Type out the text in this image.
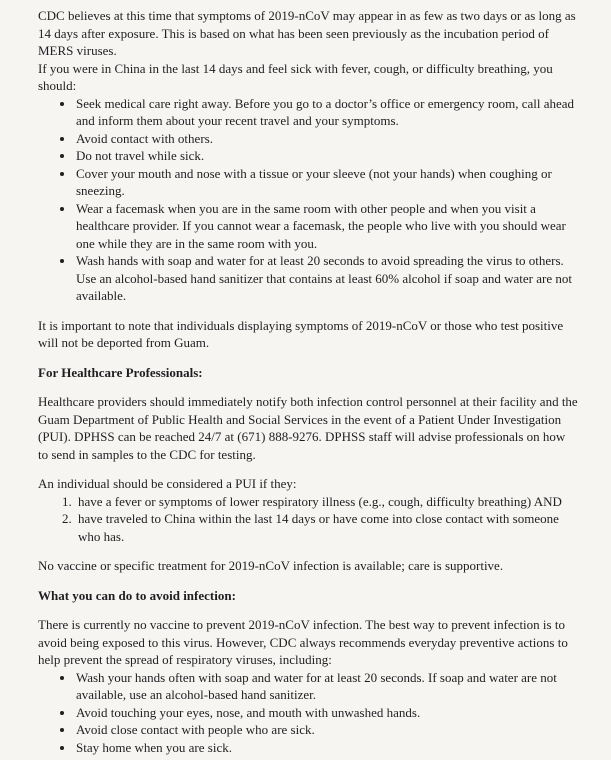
CDC believes at this time that symptoms of 2019-nCoV may appear in as few as two days or as long as 14 days after exposure. This is based on what has been seen previously as the incubation period of MERS viruses.

If you were in China in the last 14 days and feel sick with fever, cough, or difficulty breathing, you should:

• Seek medical care right away. Before you go to a doctor’s office or emergency room, call ahead and inform them about your recent travel and your symptoms.
• Avoid contact with others.
• Do not travel while sick.
• Cover your mouth and nose with a tissue or your sleeve (not your hands) when coughing or sneezing.
• Wear a facemask when you are in the same room with other people and when you visit a healthcare provider. If you cannot wear a facemask, the people who live with you should wear one while they are in the same room with you.
• Wash hands with soap and water for at least 20 seconds to avoid spreading the virus to others. Use an alcohol-based hand sanitizer that contains at least 60% alcohol if soap and water are not available.

It is important to note that individuals displaying symptoms of 2019-nCoV or those who test positive will not be deported from Guam.

For Healthcare Professionals:

Healthcare providers should immediately notify both infection control personnel at their facility and the Guam Department of Public Health and Social Services in the event of a Patient Under Investigation (PUI). DPHSS can be reached 24/7 at (671) 888-9276. DPHSS staff will advise professionals on how to send in samples to the CDC for testing.

An individual should be considered a PUI if they:

1. have a fever or symptoms of lower respiratory illness (e.g., cough, difficulty breathing) AND
2. have traveled to China within the last 14 days or have come into close contact with someone who has.

No vaccine or specific treatment for 2019-nCoV infection is available; care is supportive.

What you can do to avoid infection:

There is currently no vaccine to prevent 2019-nCoV infection. The best way to prevent infection is to avoid being exposed to this virus. However, CDC always recommends everyday preventive actions to help prevent the spread of respiratory viruses, including:

• Wash your hands often with soap and water for at least 20 seconds. If soap and water are not available, use an alcohol-based hand sanitizer.
• Avoid touching your eyes, nose, and mouth with unwashed hands.
• Avoid close contact with people who are sick.
• Stay home when you are sick.
